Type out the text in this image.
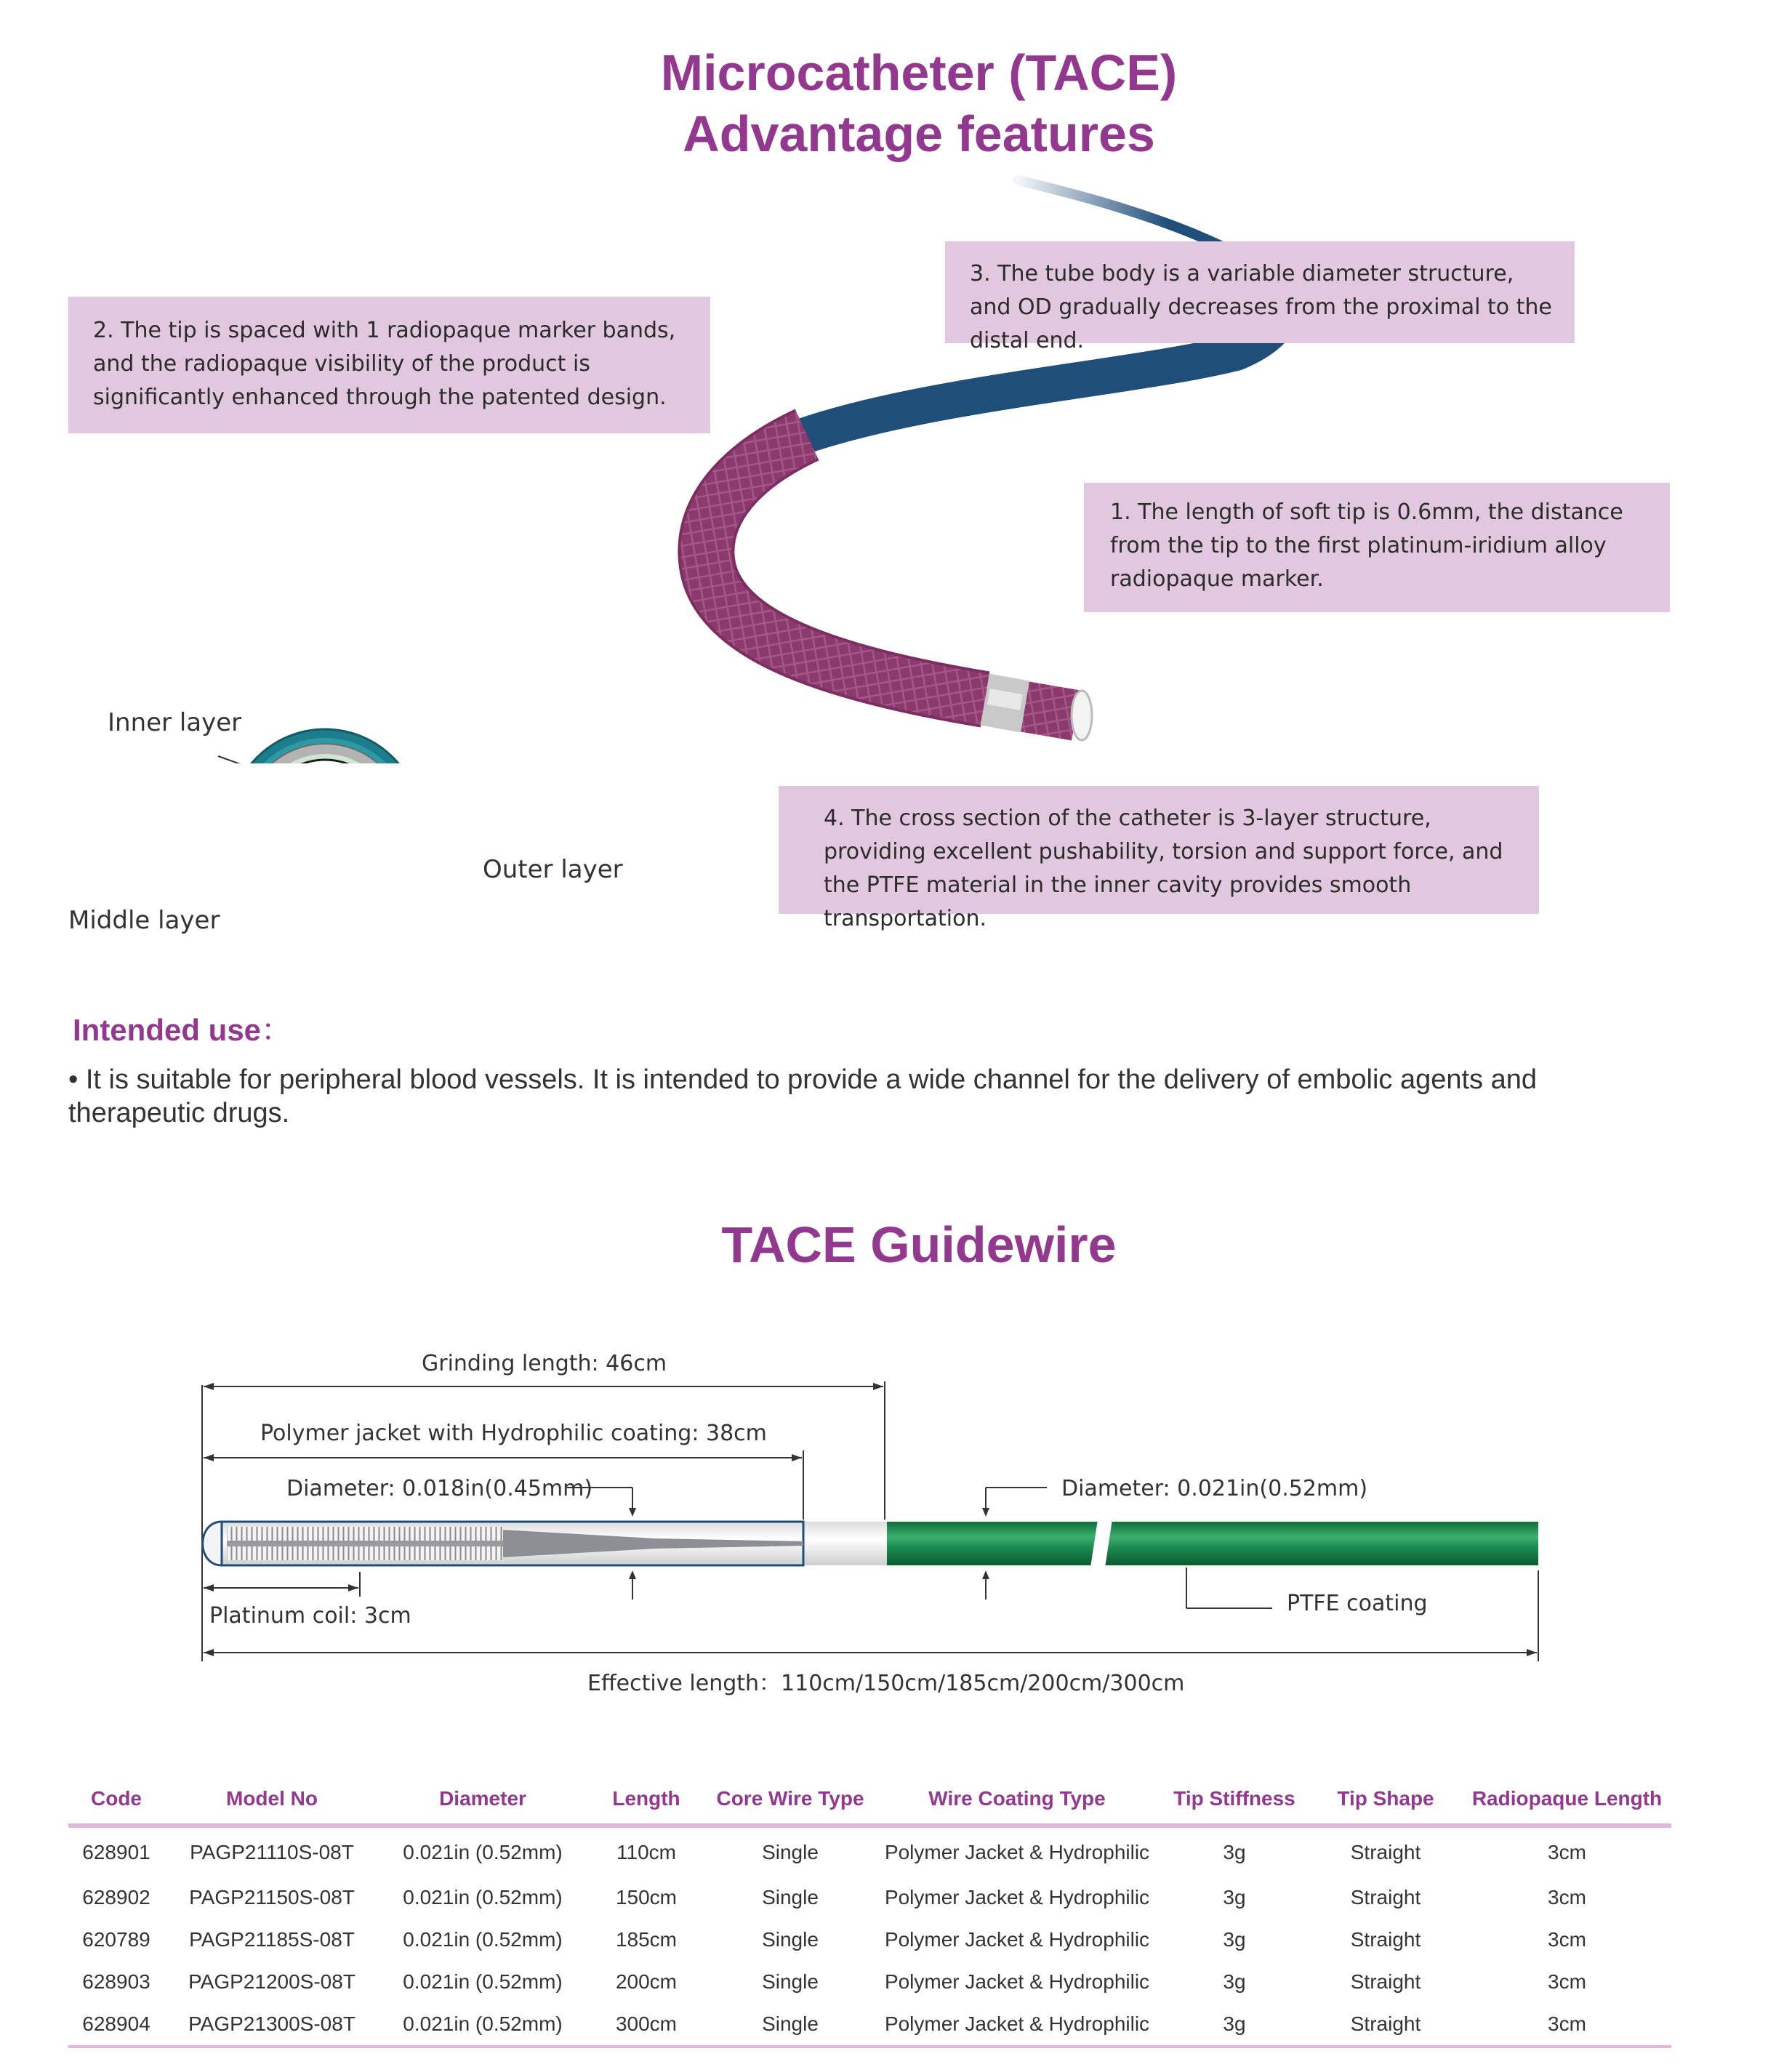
Microcatheter (TACE)
Advantage features
3. The tube body is a variable diameter structure, and OD gradually decreases from the proximal to the distal end.
2. The tip is spaced with 1 radiopaque marker bands, and the radiopaque visibility of the product is significantly enhanced through the patented design.
1. The length of soft tip is 0.6mm, the distance from the tip to the first platinum-iridium alloy radiopaque marker.
4. The cross section of the catheter is 3-layer structure, providing excellent pushability, torsion and support force, and the PTFE material in the inner cavity provides smooth transportation.
Inner layer
Middle layer
Outer layer
Intended use：
• It is suitable for peripheral blood vessels. It is intended to provide a wide channel for the delivery of embolic agents and therapeutic drugs.
TACE Guidewire
Grinding length: 46cm
Polymer jacket with Hydrophilic coating: 38cm
Diameter: 0.018in(0.45mm)	Diameter: 0.021in(0.52mm)
Platinum coil: 3cm	PTFE coating
Effective length：110cm/150cm/185cm/200cm/300cm
Code	Model No	Diameter	Length	Core Wire Type	Wire Coating Type	Tip Stiffness	Tip Shape	Radiopaque Length
628901	PAGP21110S-08T	0.021in (0.52mm)	110cm	Single	Polymer Jacket & Hydrophilic	3g	Straight	3cm
628902	PAGP21150S-08T	0.021in (0.52mm)	150cm	Single	Polymer Jacket & Hydrophilic	3g	Straight	3cm
620789	PAGP21185S-08T	0.021in (0.52mm)	185cm	Single	Polymer Jacket & Hydrophilic	3g	Straight	3cm
628903	PAGP21200S-08T	0.021in (0.52mm)	200cm	Single	Polymer Jacket & Hydrophilic	3g	Straight	3cm
628904	PAGP21300S-08T	0.021in (0.52mm)	300cm	Single	Polymer Jacket & Hydrophilic	3g	Straight	3cm
